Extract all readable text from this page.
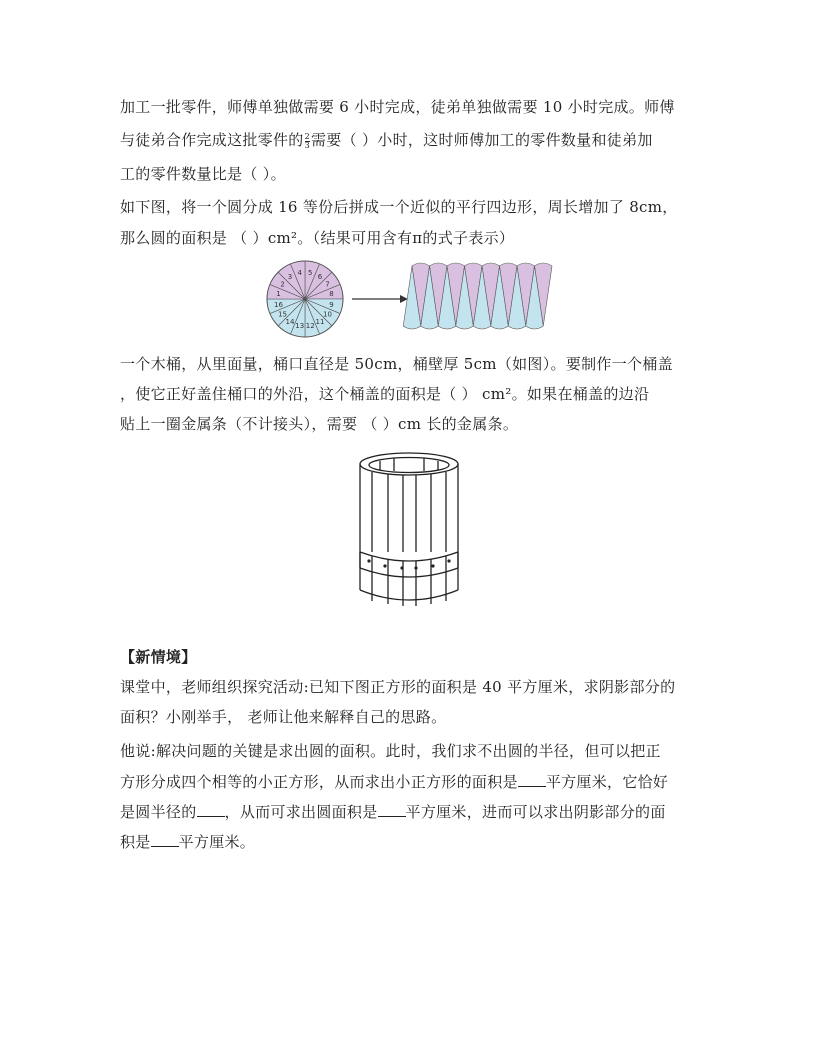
加工一批零件，师傅单独做需要 6 小时完成，徒弟单独做需要 10 小时完成。师傅
与徒弟合作完成这批零件的 $\frac{2}{3}$ 需要（ ）小时，这时师傅加工的零件数量和徒弟加
工的零件数量比是（ ）。
如下图，将一个圆分成 16 等份后拼成一个近似的平行四边形，周长增加了 8cm，
那么圆的面积是 （ ）cm²。（结果可用含有π的式子表示）
5
6
7
8
9
10
11
12
13
14
15
16
1
2
3
4
一个木桶，从里面量，桶口直径是 50cm，桶壁厚 5cm（如图）。要制作一个桶盖
，使它正好盖住桶口的外沿，这个桶盖的面积是（ ） cm²。如果在桶盖的边沿
贴上一圈金属条（不计接头），需要 （ ）cm 长的金属条。
【新情境】
课堂中，老师组织探究活动:已知下图正方形的面积是 40 平方厘米，求阴影部分的
面积？小刚举手， 老师让他来解释自己的思路。
他说:解决问题的关键是求出圆的面积。此时，我们求不出圆的半径，但可以把正
方形分成四个相等的小正方形，从而求出小正方形的面积是 平方厘米，它恰好
是圆半径的 ，从而可求出圆面积是 平方厘米，进而可以求出阴影部分的面
积是 平方厘米。
